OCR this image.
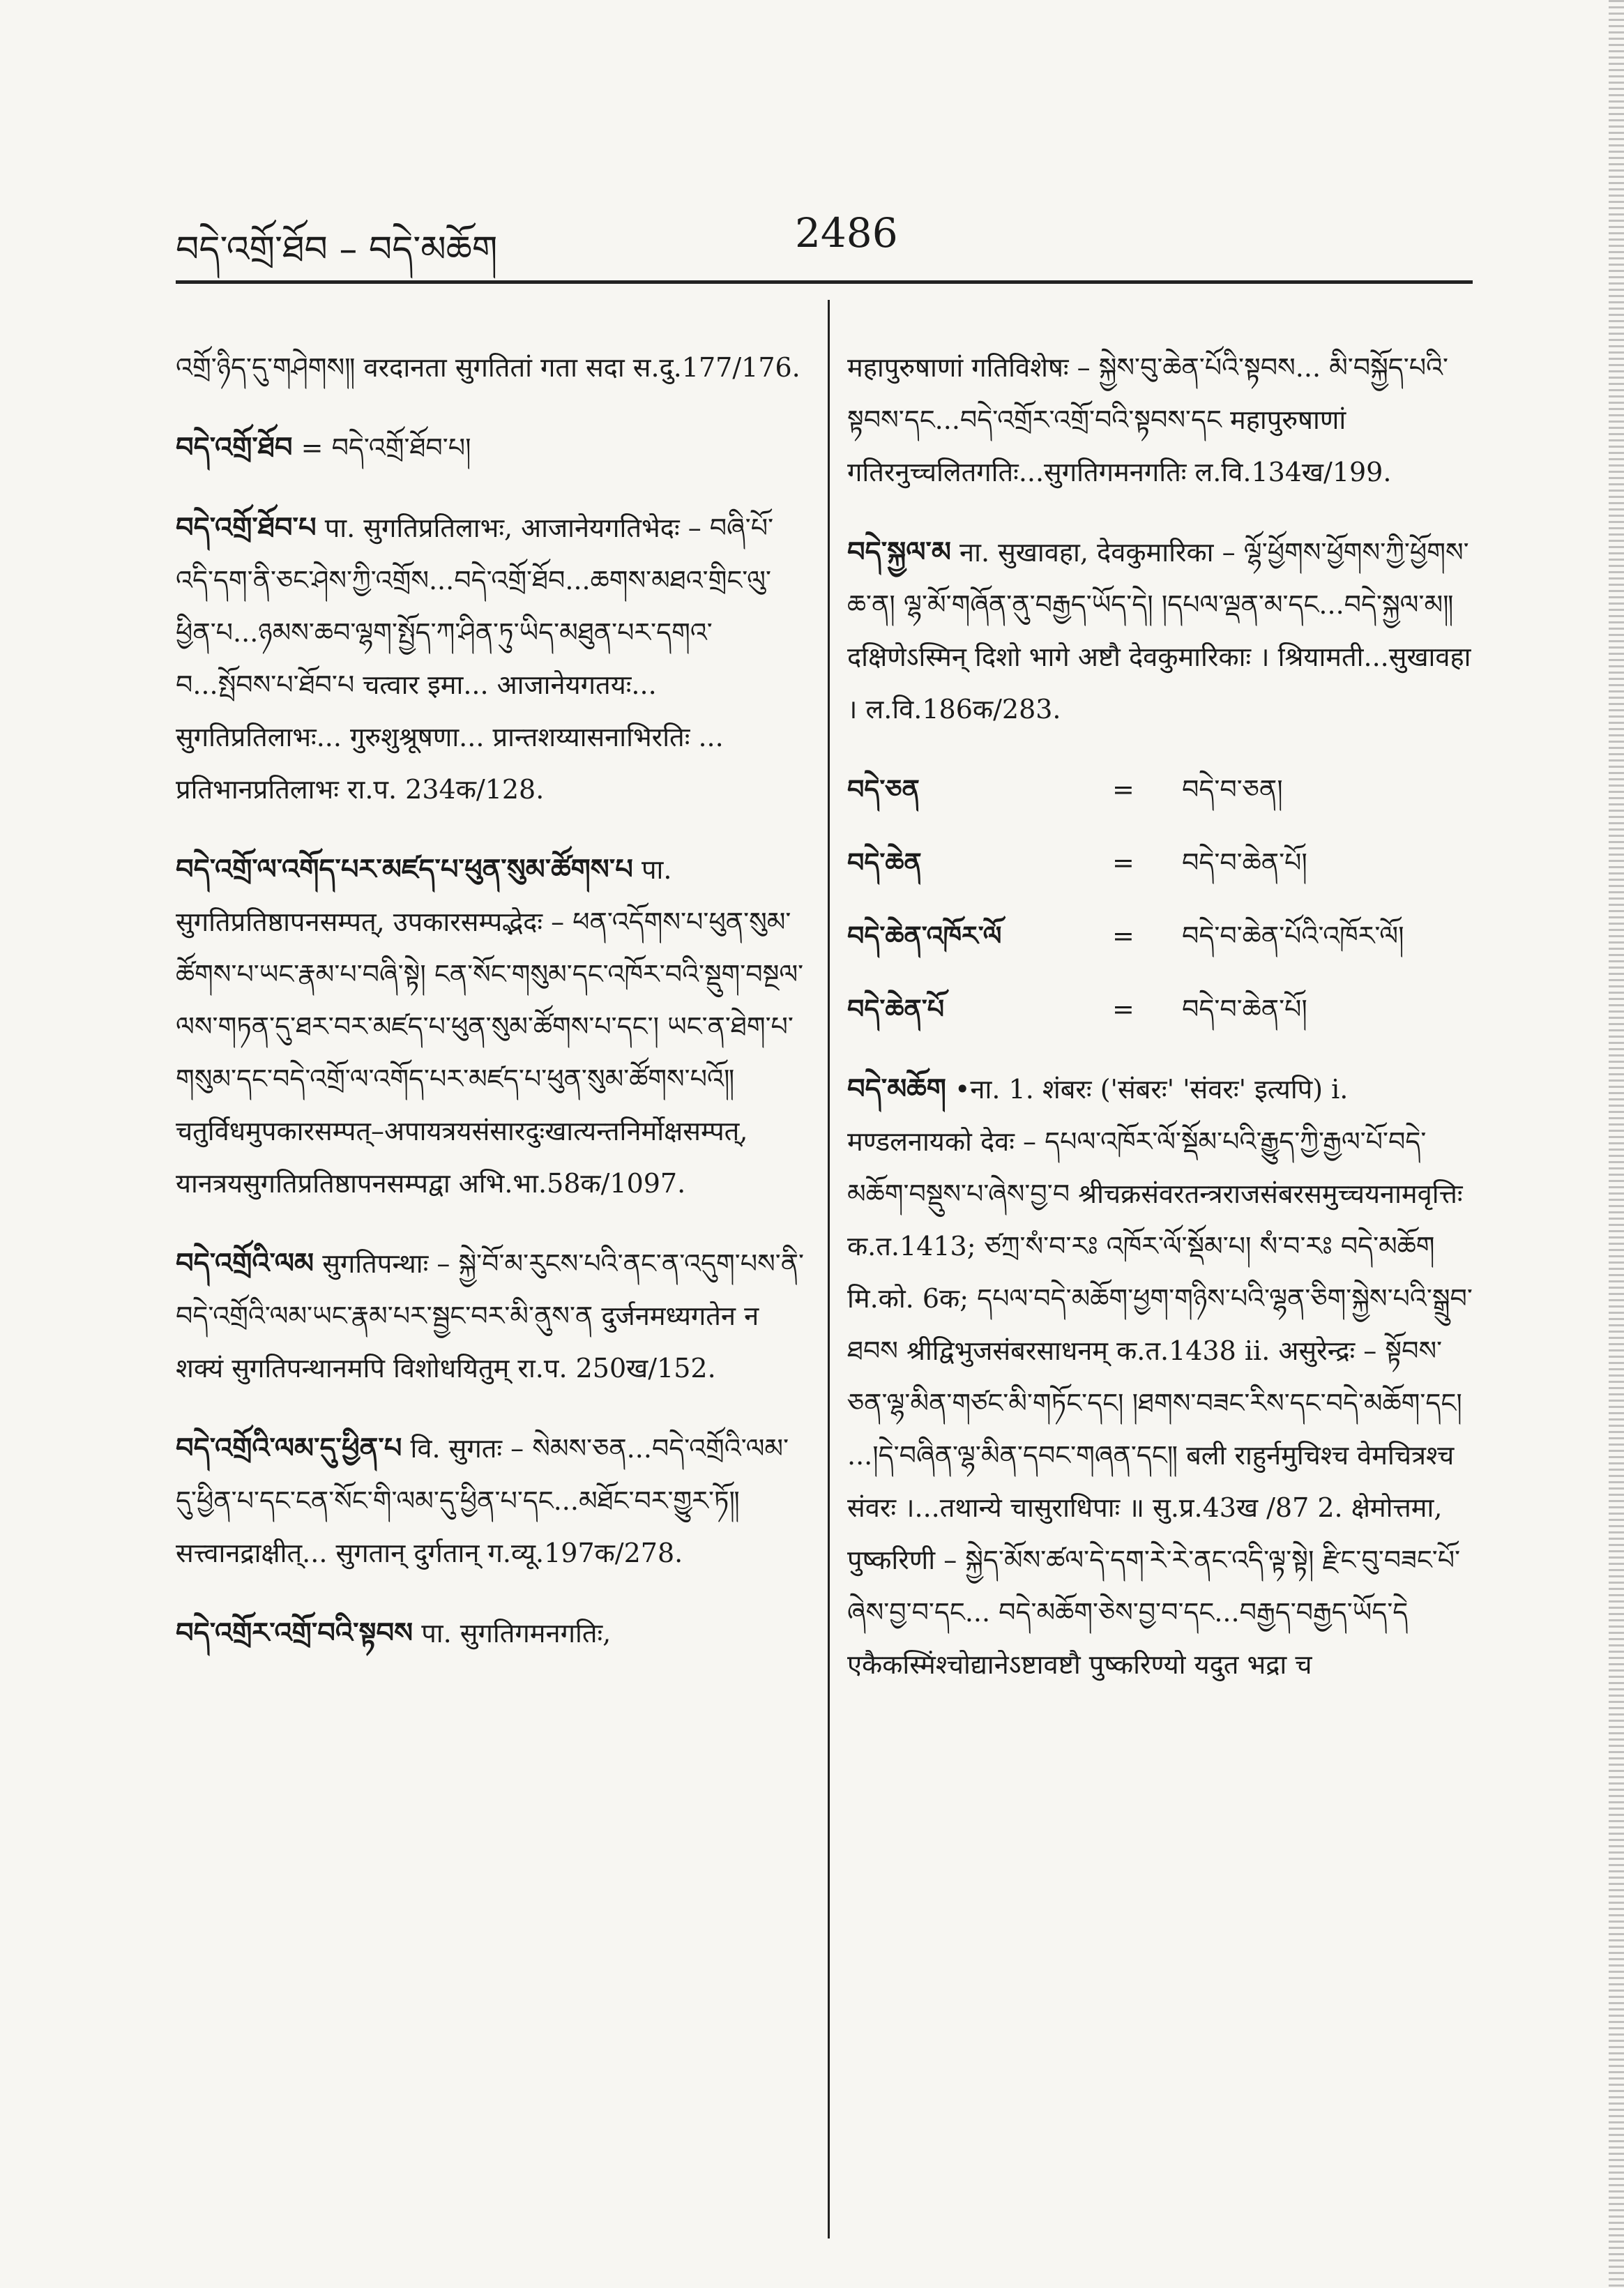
བདེ་འགྲོ་ཐོབ – བདེ་མཆོག	2486
འགྲོ་ཉིད་དུ་གཤེགས༎ वरदानता सुगतितां गता सदा स.दु.177/176.
བདེ་འགྲོ་ཐོབ = བདེ་འགྲོ་ཐོབ་པ།
བདེ་འགྲོ་ཐོབ་པ पा. सुगतिप्रतिलाभः, आजानेयगतिभेदः – བཞི་པོ་འདི་དག་ནི་ཅང་ཤེས་ཀྱི་འགྲོས...བདེ་འགྲོ་ཐོབ...ཆགས་མཐའ་གྲིང་ལུ་ཕྱིན་པ...ཉམས་ཆབ་ལྷག་སྤྱོད་ཀ་ཤིན་ཏུ་ཡིད་མཐུན་པར་དགའ་བ...སྤོབས་པ་ཐོབ་པ चत्वार इमा... आजानेयगतयः... सुगतिप्रतिलाभः... गुरुशुश्रूषणा... प्रान्तशय्यासनाभिरतिः ... प्रतिभानप्रतिलाभः रा.प. 234क/128.
བདེ་འགྲོ་ལ་འགོད་པར་མཛད་པ་ཕུན་སུམ་ཚོགས་པ पा. सुगतिप्रतिष्ठापनसम्पत्, उपकारसम्पद्भेदः – ཕན་འདོགས་པ་ཕུན་སུམ་ཚོགས་པ་ཡང་རྣམ་པ་བཞི་སྟེ། ངན་སོང་གསུམ་དང་འཁོར་བའི་སྡུག་བསྔལ་ལས་གཏན་དུ་ཐར་བར་མཛད་པ་ཕུན་སུམ་ཚོགས་པ་དང༌། ཡང་ན་ཐེག་པ་གསུམ་དང་བདེ་འགྲོ་ལ་འགོད་པར་མཛད་པ་ཕུན་སུམ་ཚོགས་པའོ༎ चतुर्विधमुपकारसम्पत्–अपायत्रयसंसारदुःखात्यन्तनिर्मोक्षसम्पत्, यानत्रयसुगतिप्रतिष्ठापनसम्पद्वा अभि.भा.58क/1097.
བདེ་འགྲོའི་ལམ सुगतिपन्थाः – སྐྱེ་བོ་མ་རུངས་པའི་ནང་ན་འདུག་པས་ནི་བདེ་འགྲོའི་ལམ་ཡང་རྣམ་པར་སྦྱང་བར་མི་ནུས་ན दुर्जनमध्यगतेन न शक्यं सुगतिपन्थानमपि विशोधयितुम् रा.प. 250ख/152.
བདེ་འགྲོའི་ལམ་དུ་ཕྱིན་པ वि. सुगतः – སེམས་ཅན...བདེ་འགྲོའི་ལམ་དུ་ཕྱིན་པ་དང་ངན་སོང་གི་ལམ་དུ་ཕྱིན་པ་དང...མཐོང་བར་གྱུར་ཏོ༎ सत्त्वानद्राक्षीत्... सुगतान् दुर्गतान् ग.व्यू.197क/278.
བདེ་འགྲོར་འགྲོ་བའི་སྟབས पा. सुगतिगमनगतिः,
महापुरुषाणां गतिविशेषः – སྐྱེས་བུ་ཆེན་པོའི་སྟབས... མི་བསྐྱོད་པའི་སྟབས་དང...བདེ་འགྲོར་འགྲོ་བའི་སྟབས་དང महापुरुषाणां गतिरनुच्चलितगतिः...सुगतिगमनगतिः ल.वि.134ख/199.
བདེ་སྐྱལ་མ ना. सुखावहा, देवकुमारिका – ལྷོ་ཕྱོགས་ཕྱོགས་ཀྱི་ཕྱོགས་ཆ་ན། ལྷ་མོ་གཞོན་ནུ་བརྒྱད་ཡོད་དེ། །དཔལ་ལྡན་མ་དང...བདེ་སྐྱལ་མ༎ दक्षिणेऽस्मिन् दिशो भागे अष्टौ देवकुमारिकाः । श्रियामती...सुखावहा । ल.वि.186क/283.
བདེ་ཅན	=	བདེ་བ་ཅན།
བདེ་ཆེན	=	བདེ་བ་ཆེན་པོ།
བདེ་ཆེན་འཁོར་ལོ	=	བདེ་བ་ཆེན་པོའི་འཁོར་ལོ།
བདེ་ཆེན་པོ	=	བདེ་བ་ཆེན་པོ།
བདེ་མཆོག •ना. 1. शंबरः ('संबरः' 'संवरः' इत्यपि) i. मण्डलनायको देवः – དཔལ་འཁོར་ལོ་སྡོམ་པའི་རྒྱུད་ཀྱི་རྒྱལ་པོ་བདེ་མཆོག་བསྡུས་པ་ཞེས་བྱ་བ श्रीचक्रसंवरतन्त्रराजसंबरसमुच्चयनामवृत्तिः क.त.1413; ཙཀྲ་སཾ་བ་རཿ འཁོར་ལོ་སྡོམ་པ། སཾ་བ་རཿ བདེ་མཆོག मि.को. 6क; དཔལ་བདེ་མཆོག་ཕྱག་གཉིས་པའི་ལྷན་ཅིག་སྐྱེས་པའི་སྒྲུབ་ཐབས श्रीद्विभुजसंबरसाधनम् क.त.1438 ii. असुरेन्द्रः – སྟོབས་ཅན་ལྷ་མིན་གཙང་མི་གཏོང་དང། །ཐགས་བཟང་རིས་དང་བདེ་མཆོག་དང། ...།དེ་བཞིན་ལྷ་མིན་དབང་གཞན་དང༎ बली राहुर्नमुचिश्च वेमचित्रश्च संवरः ।...तथान्ये चासुराधिपाः ॥ सु.प्र.43ख /87 2. क्षेमोत्तमा, पुष्करिणी – སྐྱེད་མོས་ཚལ་དེ་དག་རེ་རེ་ནང་འདི་ལྟ་སྟེ། རྫིང་བུ་བཟང་པོ་ཞེས་བྱ་བ་དང... བདེ་མཆོག་ཅེས་བྱ་བ་དང...བརྒྱད་བརྒྱད་ཡོད་དེ एकैकस्मिंश्चोद्यानेऽष्टावष्टौ पुष्करिण्यो यदुत भद्रा च
